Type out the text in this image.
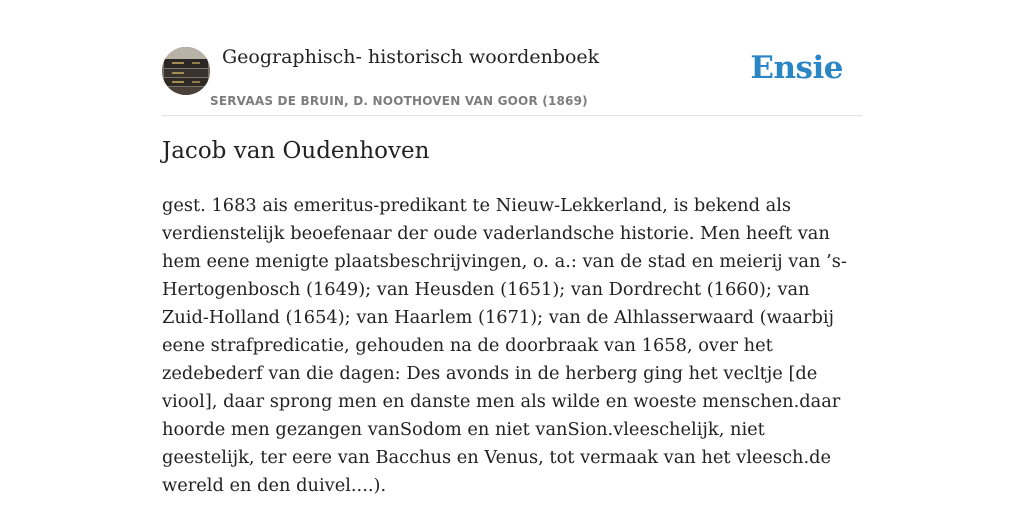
Geographisch- historisch woordenboek
SERVAAS DE BRUIN, D. NOOTHOVEN VAN GOOR (1869)
Ensie
Jacob van Oudenhoven

gest. 1683 ais emeritus-predikant te Nieuw-Lekkerland, is bekend als verdienstelijk beoefenaar der oude vaderlandsche historie. Men heeft van hem eene menigte plaatsbeschrijvingen, o. a.: van de stad en meierij van ’s-Hertogenbosch (1649); van Heusden (1651); van Dordrecht (1660); van Zuid-Holland (1654); van Haarlem (1671); van de Alhlasserwaard (waarbij eene strafpredicatie, gehouden na de doorbraak van 1658, over het zedebederf van die dagen: Des avonds in de herberg ging het vecltje [de viool], daar sprong men en danste men als wilde en woeste menschen.daar hoorde men gezangen vanSodom en niet vanSion.vleeschelijk, niet geestelijk, ter eere van Bacchus en Venus, tot vermaak van het vleesch.de wereld en den duivel....).
